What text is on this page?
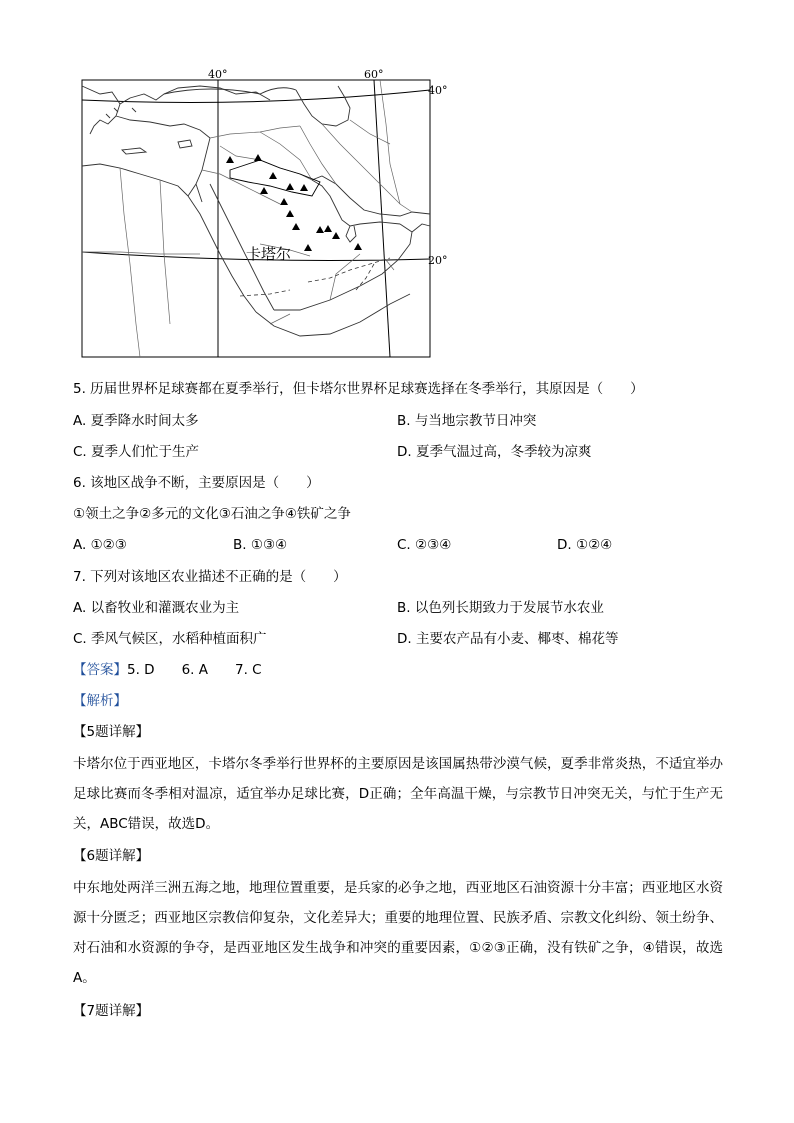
40°	60°
40°
20°
卡塔尔
5. 历届世界杯足球赛都在夏季举行，但卡塔尔世界杯足球赛选择在冬季举行，其原因是（　　）
A. 夏季降水时间太多	B. 与当地宗教节日冲突
C. 夏季人们忙于生产	D. 夏季气温过高，冬季较为凉爽
6. 该地区战争不断，主要原因是（　　）
①领土之争②多元的文化③石油之争④铁矿之争
A. ①②③	B. ①③④	C. ②③④	D. ①②④
7. 下列对该地区农业描述不正确的是（　　）
A. 以畜牧业和灌溉农业为主	B. 以色列长期致力于发展节水农业
C. 季风气候区，水稻种植面积广	D. 主要农产品有小麦、椰枣、棉花等
【答案】5. D　　6. A　　7. C
【解析】
【5题详解】
卡塔尔位于西亚地区，卡塔尔冬季举行世界杯的主要原因是该国属热带沙漠气候，夏季非常炎热，不适宜举办足球比赛而冬季相对温凉，适宜举办足球比赛，D正确；全年高温干燥，与宗教节日冲突无关，与忙于生产无关，ABC错误，故选D。
【6题详解】
中东地处两洋三洲五海之地，地理位置重要，是兵家的必争之地，西亚地区石油资源十分丰富；西亚地区水资源十分匮乏；西亚地区宗教信仰复杂，文化差异大；重要的地理位置、民族矛盾、宗教文化纠纷、领土纷争、对石油和水资源的争夺，是西亚地区发生战争和冲突的重要因素，①②③正确，没有铁矿之争，④错误，故选A。
【7题详解】
